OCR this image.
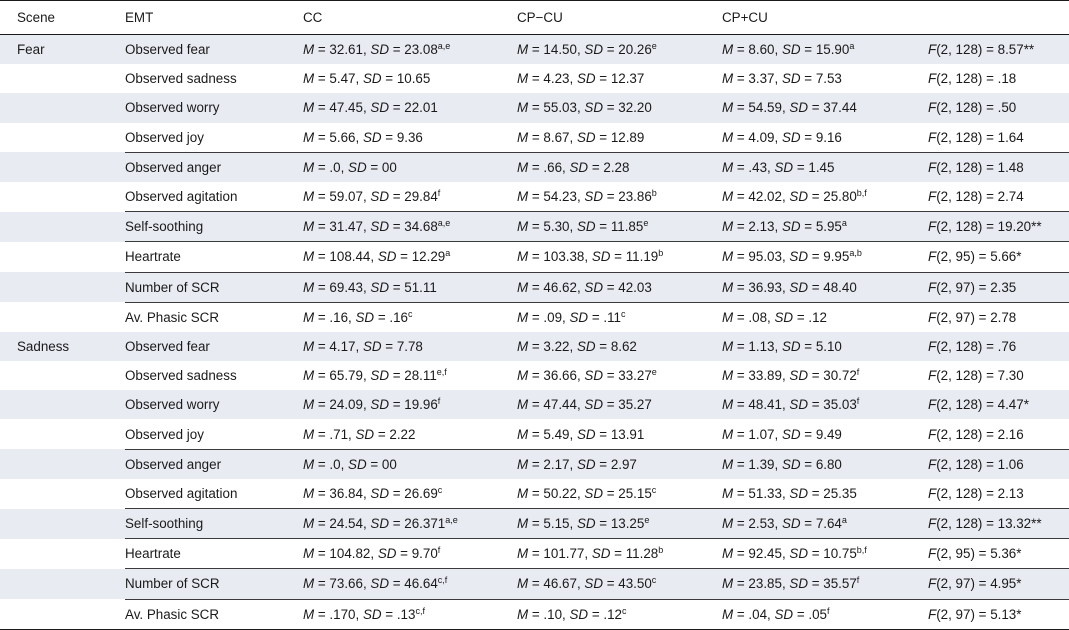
Scene	EMT	CC	CP−CU	CP+CU	
Fear	Observed fear	M = 32.61, SD = $23.08^{a,e}$	M = 14.50, SD = 20.26$^e$	M = 8.60, SD = 15.90$^a$	F(2, 128) = 8.57**
	Observed sadness	M = 5.47, SD = 10.65	M = 4.23, SD = 12.37	M = 3.37, SD = 7.53	F(2, 128) = .18
	Observed worry	M = 47.45, SD = 22.01	M = 55.03, SD = 32.20	M = 54.59, SD = 37.44	F(2, 128) = .50
	Observed joy	M = 5.66, SD = 9.36	M = 8.67, SD = 12.89	M = 4.09, SD = 9.16	F(2, 128) = 1.64
	Observed anger	M = .0, SD = 00	M = .66, SD = 2.28	M = .43, SD = 1.45	F(2, 128) = 1.48
	Observed agitation	M = 59.07, SD = 29.84$^f$	M = 54.23, SD = 23.86$^b$	M = 42.02, SD = $25.80^{b,f}$	F(2, 128) = 2.74
	Self-soothing	M = 31.47, SD = $34.68^{a,e}$	M = 5.30, SD = 11.85$^e$	M = 2.13, SD = 5.95$^a$	F(2, 128) = 19.20**
	Heartrate	M = 108.44, SD = 12.29$^a$	M = 103.38, SD = 11.19$^b$	M = 95.03, SD = $9.95^{a,b}$	F(2, 95) = 5.66*
	Number of SCR	M = 69.43, SD = 51.11	M = 46.62, SD = 42.03	M = 36.93, SD = 48.40	F(2, 97) = 2.35
	Av. Phasic SCR	M = .16, SD = .16$^c$	M = .09, SD = .11$^c$	M = .08, SD = .12	F(2, 97) = 2.78
Sadness	Observed fear	M = 4.17, SD = 7.78	M = 3.22, SD = 8.62	M = 1.13, SD = 5.10	F(2, 128) = .76
	Observed sadness	M = 65.79, SD = $28.11^{e,f}$	M = 36.66, SD = 33.27$^e$	M = 33.89, SD = 30.72$^f$	F(2, 128) = 7.30
	Observed worry	M = 24.09, SD = 19.96$^f$	M = 47.44, SD = 35.27	M = 48.41, SD = 35.03$^f$	F(2, 128) = 4.47*
	Observed joy	M = .71, SD = 2.22	M = 5.49, SD = 13.91	M = 1.07, SD = 9.49	F(2, 128) = 2.16
	Observed anger	M = .0, SD = 00	M = 2.17, SD = 2.97	M = 1.39, SD = 6.80	F(2, 128) = 1.06
	Observed agitation	M = 36.84, SD = 26.69$^c$	M = 50.22, SD = 25.15$^c$	M = 51.33, SD = 25.35	F(2, 128) = 2.13
	Self-soothing	M = 24.54, SD = $26.371^{a,e}$	M = 5.15, SD = 13.25$^e$	M = 2.53, SD = 7.64$^a$	F(2, 128) = 13.32**
	Heartrate	M = 104.82, SD = 9.70$^f$	M = 101.77, SD = 11.28$^b$	M = 92.45, SD = $10.75^{b,f}$	F(2, 95) = 5.36*
	Number of SCR	M = 73.66, SD = $46.64^{c,f}$	M = 46.67, SD = 43.50$^c$	M = 23.85, SD = 35.57$^f$	F(2, 97) = 4.95*
	Av. Phasic SCR	M = .170, SD = $.13^{c,f}$	M = .10, SD = .12$^c$	M = .04, SD = .05$^f$	F(2, 97) = 5.13*
